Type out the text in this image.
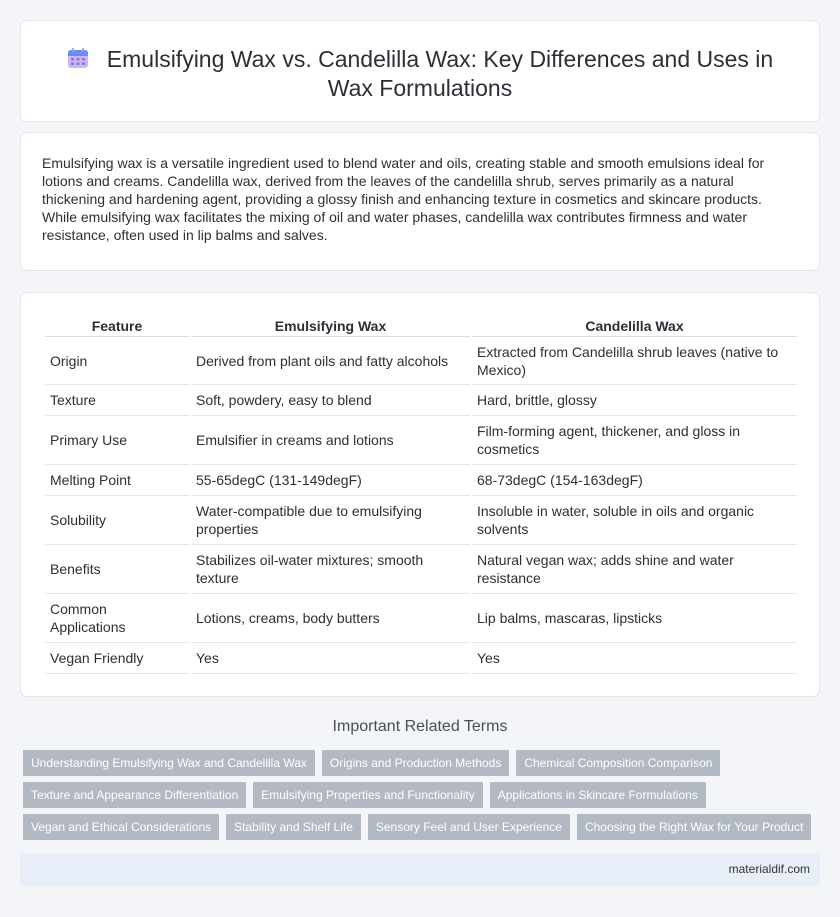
Emulsifying Wax vs. Candelilla Wax: Key Differences and Uses in Wax Formulations

Emulsifying wax is a versatile ingredient used to blend water and oils, creating stable and smooth emulsions ideal for lotions and creams. Candelilla wax, derived from the leaves of the candelilla shrub, serves primarily as a natural thickening and hardening agent, providing a glossy finish and enhancing texture in cosmetics and skincare products. While emulsifying wax facilitates the mixing of oil and water phases, candelilla wax contributes firmness and water resistance, often used in lip balms and salves.

Feature	Emulsifying Wax	Candelilla Wax
Origin	Derived from plant oils and fatty alcohols	Extracted from Candelilla shrub leaves (native to Mexico)
Texture	Soft, powdery, easy to blend	Hard, brittle, glossy
Primary Use	Emulsifier in creams and lotions	Film-forming agent, thickener, and gloss in cosmetics
Melting Point	55-65degC (131-149degF)	68-73degC (154-163degF)
Solubility	Water-compatible due to emulsifying properties	Insoluble in water, soluble in oils and organic solvents
Benefits	Stabilizes oil-water mixtures; smooth texture	Natural vegan wax; adds shine and water resistance
Common Applications	Lotions, creams, body butters	Lip balms, mascaras, lipsticks
Vegan Friendly	Yes	Yes
Important Related Terms
Understanding Emulsifying Wax and Candelilla Wax	Origins and Production Methods	Chemical Composition Comparison
Texture and Appearance Differentiation	Emulsifying Properties and Functionality	Applications in Skincare Formulations
Vegan and Ethical Considerations	Stability and Shelf Life	Sensory Feel and User Experience	Choosing the Right Wax for Your Product
materialdif.com
